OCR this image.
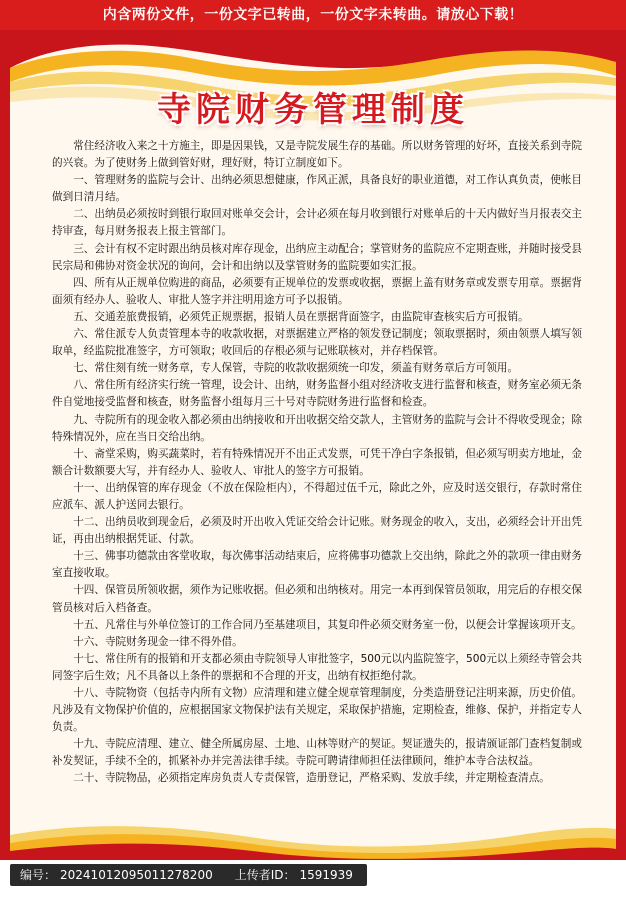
内含两份文件，一份文字已转曲，一份文字未转曲。请放心下载！
寺院财务管理制度

常住经济收入来之十方施主，即是因果钱，又是寺院发展生存的基础。所以财务管理的好坏，直接关系到寺院的兴衰。为了使财务上做到管好财，理好财，特订立制度如下。

一、管理财务的监院与会计、出纳必须思想健康，作风正派，具备良好的职业道德，对工作认真负责，使帐目做到日清月结。

二、出纳员必须按时到银行取回对账单交会计，会计必须在每月收到银行对账单后的十天内做好当月报表交主持审查，每月财务报表上报主管部门。

三、会计有权不定时跟出纳员核对库存现金，出纳应主动配合；掌管财务的监院应不定期查账，并随时接受县民宗局和佛协对资金状况的询问，会计和出纳以及掌管财务的监院要如实汇报。

四、所有从正规单位购进的商品，必须要有正规单位的发票或收据，票据上盖有财务章或发票专用章。票据背面须有经办人、验收人、审批人签字并注明用途方可予以报销。

五、交通差旅费报销，必须凭正规票据，报销人员在票据背面签字，由监院审查核实后方可报销。

六、常住派专人负责管理本寺的收款收据，对票据建立严格的领发登记制度；领取票据时，须由领票人填写领取单，经监院批准签字，方可领取；收回后的存根必须与记账联核对，并存档保管。

七、常住刻有统一财务章，专人保管，寺院的收款收据须统一印发，须盖有财务章后方可领用。

八、常住所有经济实行统一管理，设会计、出纳，财务监督小组对经济收支进行监督和核查，财务室必须无条件自觉地接受监督和核查，财务监督小组每月三十号对寺院财务进行监督和检查。

九、寺院所有的现金收入都必须由出纳接收和开出收据交给交款人，主管财务的监院与会计不得收受现金；除特殊情况外，应在当日交给出纳。

十、斋堂采购，购买蔬菜时，若有特殊情况开不出正式发票，可凭干净白字条报销，但必须写明卖方地址，金额合计数额要大写，并有经办人、验收人、审批人的签字方可报销。

十一、出纳保管的库存现金（不放在保险柜内），不得超过伍千元，除此之外，应及时送交银行，存款时常住应派车、派人护送同去银行。

十二、出纳员收到现金后，必须及时开出收入凭证交给会计记账。财务现金的收入，支出，必须经会计开出凭证，再由出纳根据凭证、付款。

十三、佛事功德款由客堂收取，每次佛事活动结束后，应将佛事功德款上交出纳，除此之外的款项一律由财务室直接收取。

十四、保管员所领收据，须作为记账收据。但必须和出纳核对。用完一本再到保管员领取，用完后的存根交保管员核对后入档备查。

十五、凡常住与外单位签订的工作合同乃至基建项目，其复印件必须交财务室一份，以便会计掌握该项开支。

十六、寺院财务现金一律不得外借。

十七、常住所有的报销和开支都必须由寺院领导人审批签字，500元以内监院签字，500元以上须经寺管会共同签字后生效；凡不具备以上条件的票据和不合理的开支，出纳有权拒绝付款。

十八、寺院物资（包括寺内所有文物）应清理和建立健全规章管理制度，分类造册登记注明来源，历史价值。凡涉及有文物保护价值的，应根据国家文物保护法有关规定，采取保护措施，定期检查，维修、保护，并指定专人负责。

十九、寺院应清理、建立、健全所属房屋、土地、山林等财产的契证。契证遗失的，报请颁证部门查档复制或补发契证，手续不全的，抓紧补办并完善法律手续。寺院可聘请律师担任法律顾问，维护本寺合法权益。

二十、寺院物品，必须指定库房负责人专责保管，造册登记，严格采购、发放手续，并定期检查清点。

编号： 20241012095011278200 上传者ID： 1591939
